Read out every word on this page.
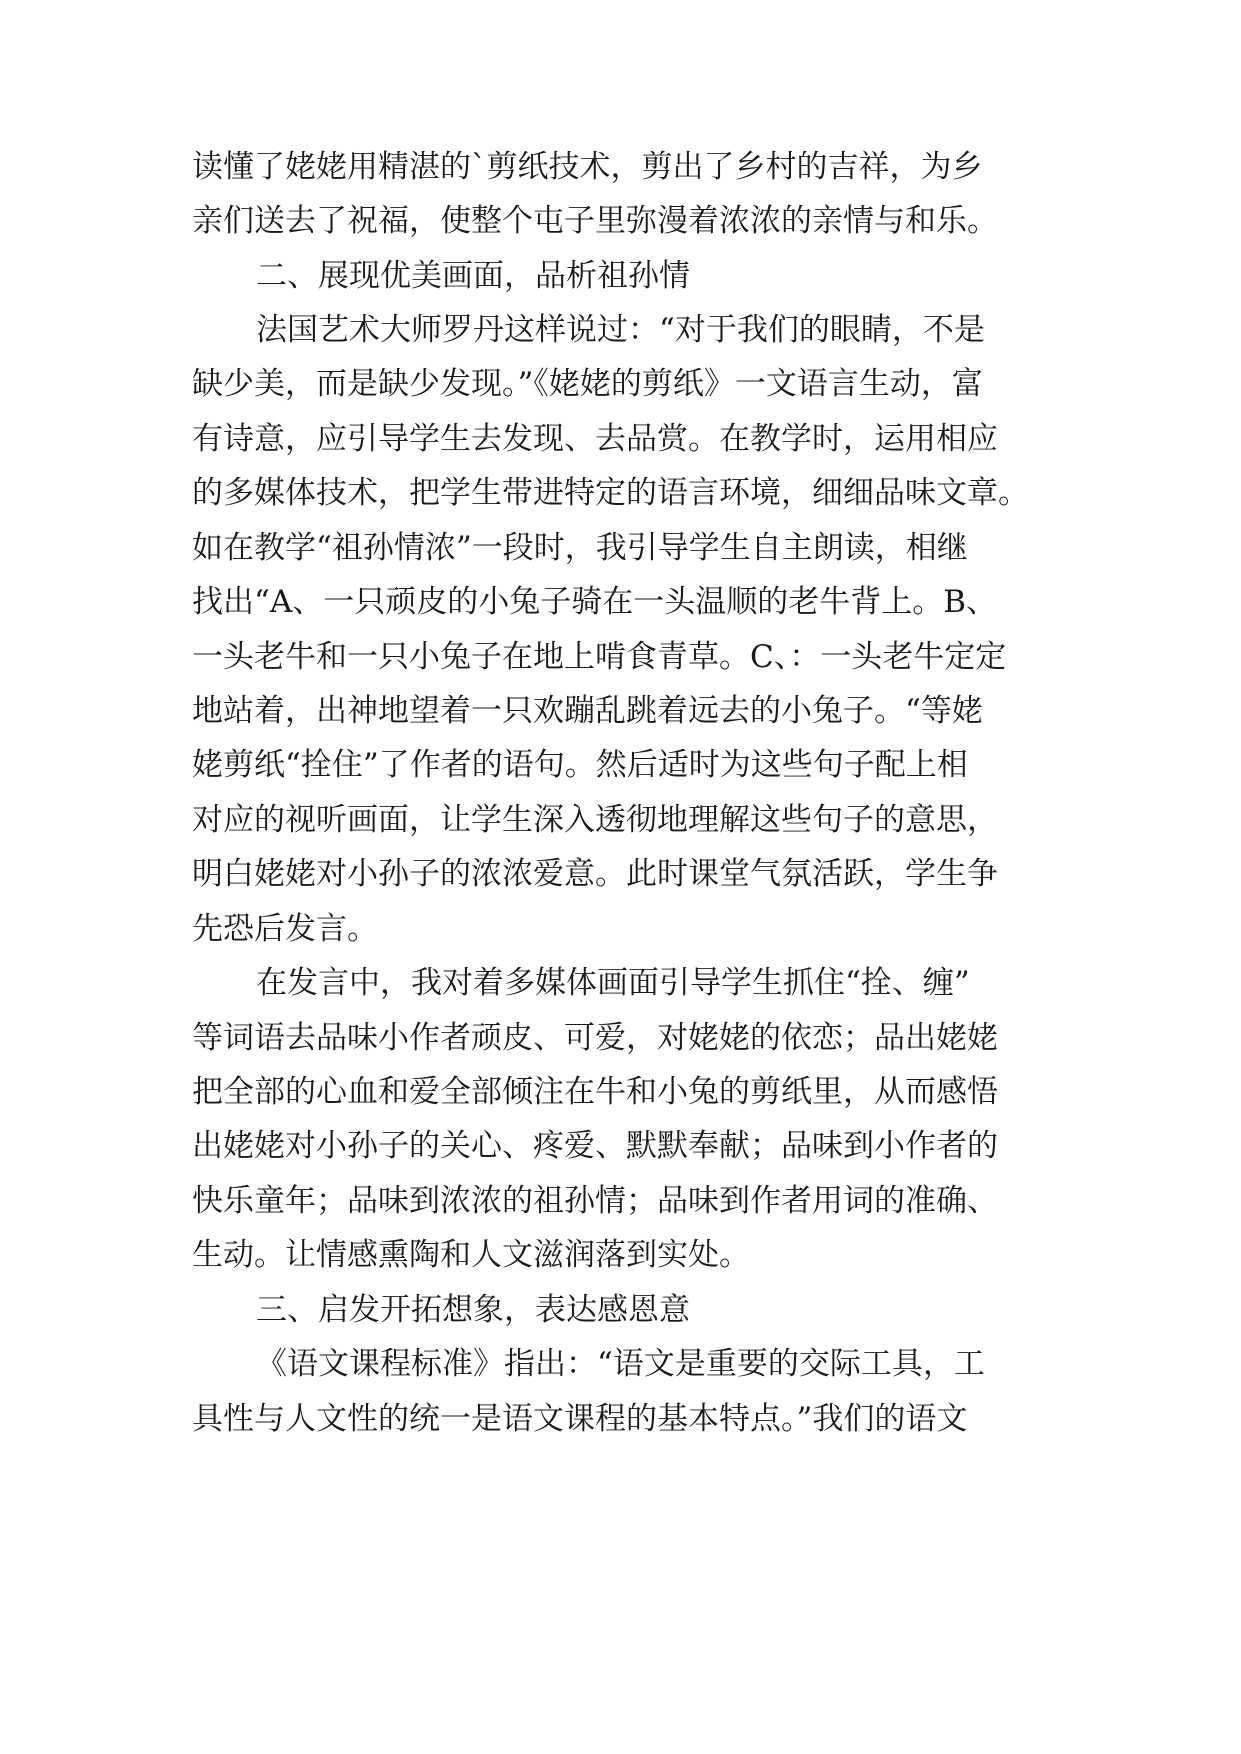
读懂了姥姥用精湛的`剪纸技术，剪出了乡村的吉祥，为乡
亲们送去了祝福，使整个屯子里弥漫着浓浓的亲情与和乐。
二、展现优美画面，品析祖孙情
法国艺术大师罗丹这样说过：“对于我们的眼睛，不是
缺少美，而是缺少发现。”《姥姥的剪纸》一文语言生动，富
有诗意，应引导学生去发现、去品赏。在教学时，运用相应
的多媒体技术，把学生带进特定的语言环境，细细品味文章。
如在教学“祖孙情浓”一段时，我引导学生自主朗读，相继
找出“A、一只顽皮的小兔子骑在一头温顺的老牛背上。B、
一头老牛和一只小兔子在地上啃食青草。C、：一头老牛定定
地站着，出神地望着一只欢蹦乱跳着远去的小兔子。“等姥
姥剪纸“拴住”了作者的语句。然后适时为这些句子配上相
对应的视听画面，让学生深入透彻地理解这些句子的意思，
明白姥姥对小孙子的浓浓爱意。此时课堂气氛活跃，学生争
先恐后发言。
在发言中，我对着多媒体画面引导学生抓住“拴、缠”
等词语去品味小作者顽皮、可爱，对姥姥的依恋；品出姥姥
把全部的心血和爱全部倾注在牛和小兔的剪纸里，从而感悟
出姥姥对小孙子的关心、疼爱、默默奉献；品味到小作者的
快乐童年；品味到浓浓的祖孙情；品味到作者用词的准确、
生动。让情感熏陶和人文滋润落到实处。
三、启发开拓想象，表达感恩意
《语文课程标准》指出：“语文是重要的交际工具，工
具性与人文性的统一是语文课程的基本特点。”我们的语文
